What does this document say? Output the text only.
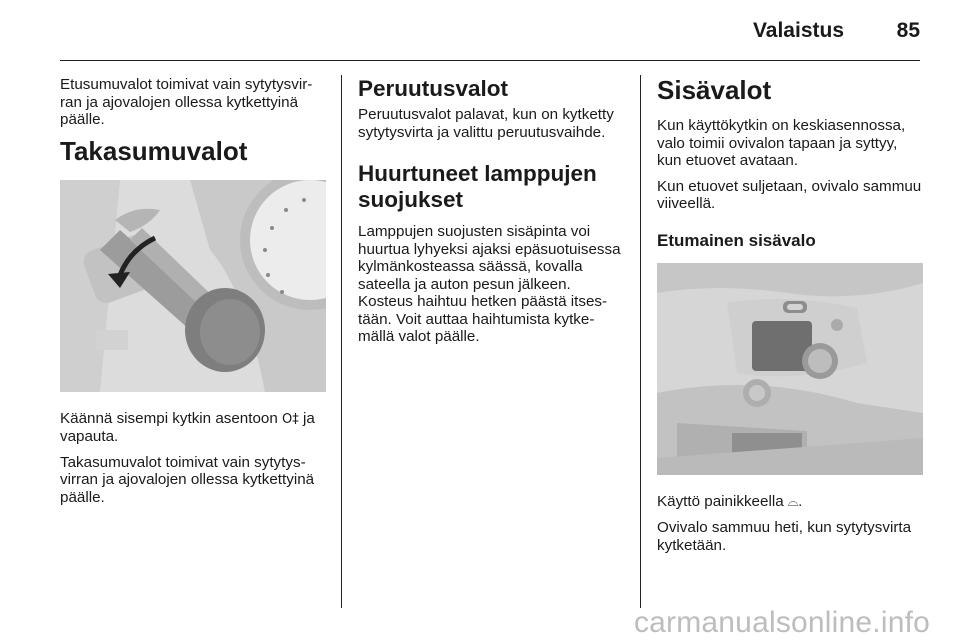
Valaistus	85

Etusumuvalot toimivat vain sytytysvirran ja ajovalojen ollessa kytkettyinä päälle.

Takasumuvalot

Käännä sisempi kytkin asentoon O‡ ja vapauta.

Takasumuvalot toimivat vain sytytysvirran ja ajovalojen ollessa kytkettyinä päälle.

Peruutusvalot

Peruutusvalot palavat, kun on kytketty sytytysvirta ja valittu peruutusvaihde.

Huurtuneet lamppujen suojukset

Lamppujen suojusten sisäpinta voi huurtua lyhyeksi ajaksi epäsuotuisessa kylmänkosteassa säässä, kovalla sateella ja auton pesun jälkeen. Kosteus haihtuu hetken päästä itsestään. Voit auttaa haihtumista kytkemällä valot päälle.

Sisävalot

Kun käyttökytkin on keskiasennossa, valo toimii ovivalon tapaan ja syttyy, kun etuovet avataan.

Kun etuovet suljetaan, ovivalo sammuu viiveellä.

Etumainen sisävalo

Käyttö painikkeella ⌓.

Ovivalo sammuu heti, kun sytytysvirta kytketään.

carmanualsonline.info
